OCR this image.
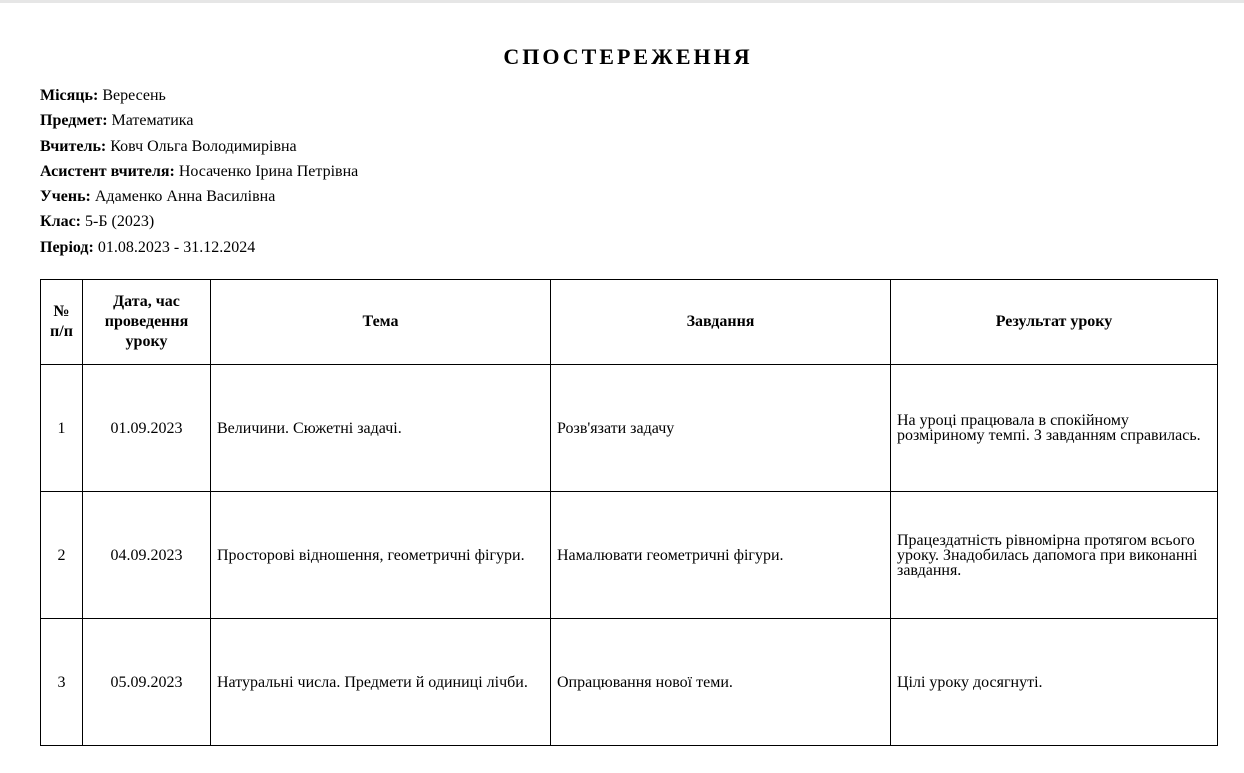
СПОСТЕРЕЖЕННЯ
Місяць: Вересень
Предмет: Математика
Вчитель: Ковч Ольга Володимирівна
Асистент вчителя: Носаченко Ірина Петрівна
Учень: Адаменко Анна Василівна
Клас: 5-Б (2023)
Період: 01.08.2023 - 31.12.2024
№ п/п	Дата, час проведення уроку	Тема	Завдання	Результат уроку
1	01.09.2023	Величини. Сюжетні задачі.	Розв'язати задачу	На уроці працювала в спокійному розміриному темпі. З завданням справилась.
2	04.09.2023	Просторові відношення, геометричні фігури.	Намалювати геометричні фігури.	Працездатність рівномірна протягом всього уроку. Знадобилась дапомога при виконанні завдання.
3	05.09.2023	Натуральні числа. Предмети й одиниці лічби.	Опрацювання нової теми.	Цілі уроку досягнуті.
